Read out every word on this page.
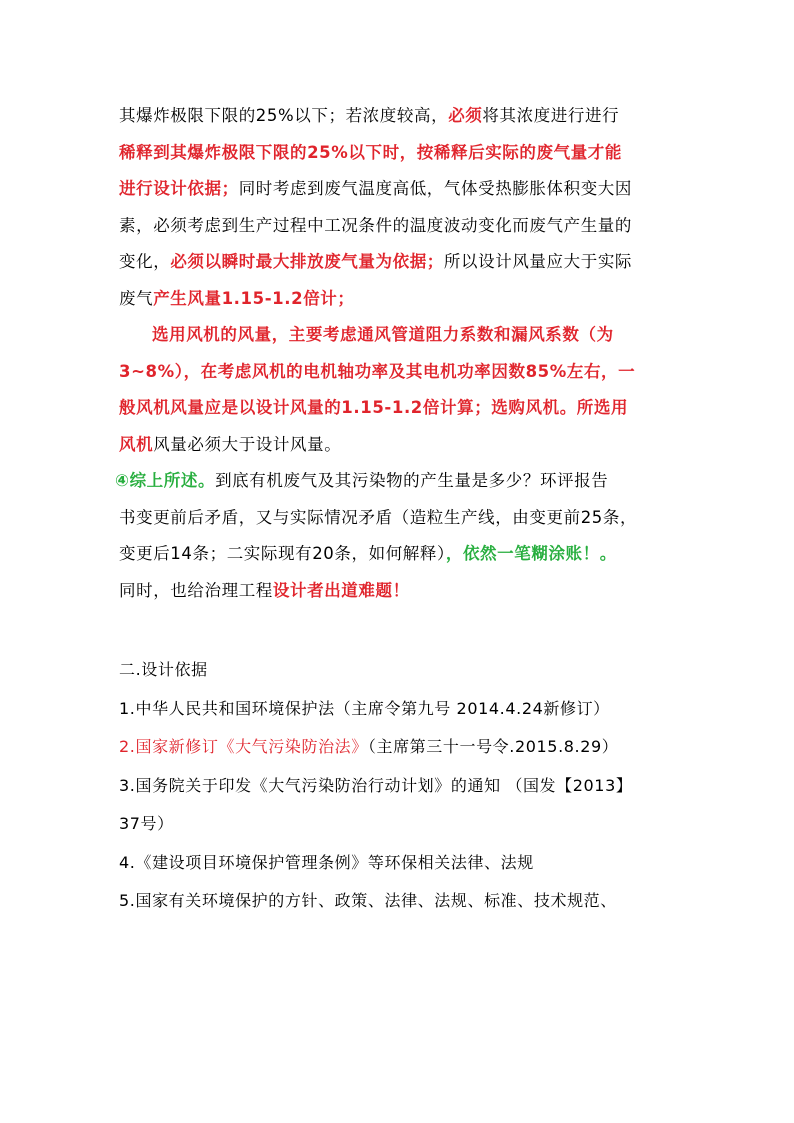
其爆炸极限下限的25%以下；若浓度较高，必须将其浓度进行进行
稀释到其爆炸极限下限的25%以下时，按稀释后实际的废气量才能
进行设计依据；同时考虑到废气温度高低，气体受热膨胀体积变大因
素，必须考虑到生产过程中工况条件的温度波动变化而废气产生量的
变化，必须以瞬时最大排放废气量为依据；所以设计风量应大于实际
废气产生风量1.15-1.2倍计；
选用风机的风量，主要考虑通风管道阻力系数和漏风系数（为
3~8%），在考虑风机的电机轴功率及其电机功率因数85%左右，一
般风机风量应是以设计风量的1.15-1.2倍计算；选购风机。所选用
风机风量必须大于设计风量。
④综上所述。到底有机废气及其污染物的产生量是多少？环评报告
书变更前后矛盾，又与实际情况矛盾（造粒生产线，由变更前25条，
变更后14条；二实际现有20条，如何解释），依然一笔糊涂账！。
同时，也给治理工程设计者出道难题！
二.设计依据
1.中华人民共和国环境保护法（主席令第九号 2014.4.24新修订）
2.国家新修订《大气污染防治法》（主席第三十一号令.2015.8.29）
3.国务院关于印发《大气污染防治行动计划》的通知 （国发【2013】
37号）
4.《建设项目环境保护管理条例》等环保相关法律、法规
5.国家有关环境保护的方针、政策、法律、法规、标准、技术规范、
